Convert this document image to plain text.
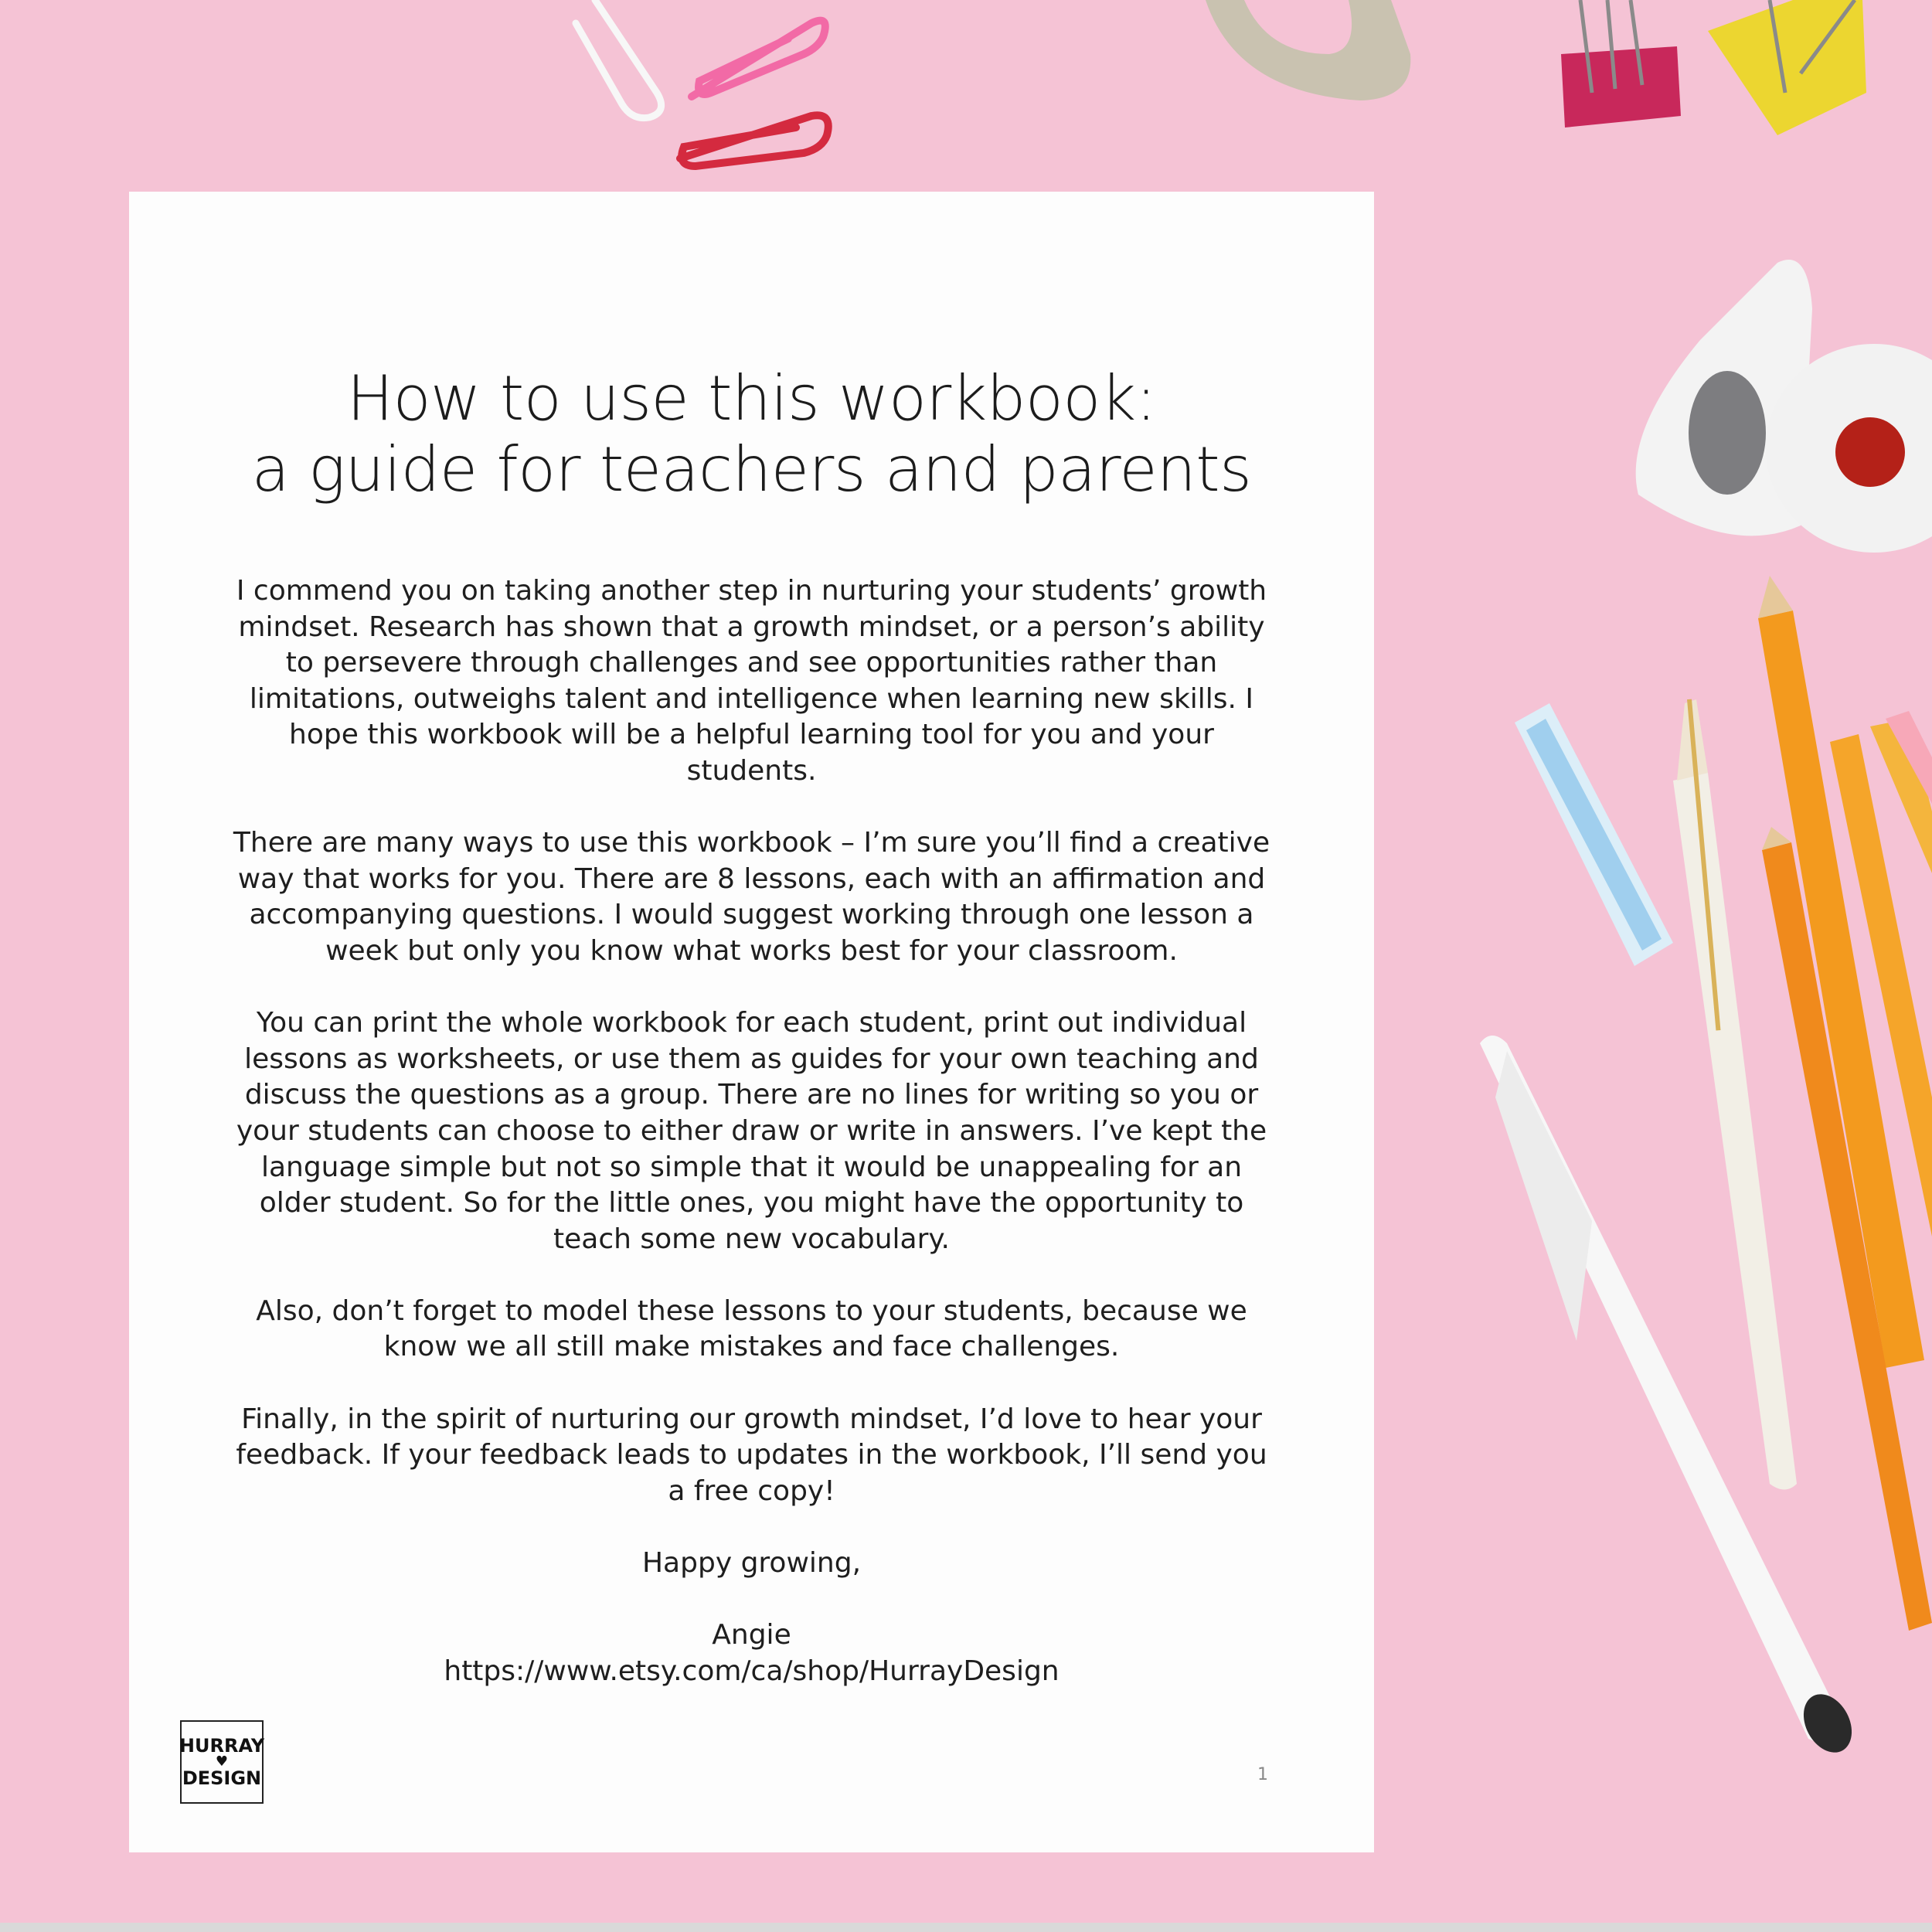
How to use this workbook:
a guide for teachers and parents

I commend you on taking another step in nurturing your students’ growth mindset. Research has shown that a growth mindset, or a person’s ability to persevere through challenges and see opportunities rather than limitations, outweighs talent and intelligence when learning new skills. I hope this workbook will be a helpful learning tool for you and your students.

There are many ways to use this workbook – I’m sure you’ll find a creative way that works for you. There are 8 lessons, each with an affirmation and accompanying questions. I would suggest working through one lesson a week but only you know what works best for your classroom.

You can print the whole workbook for each student, print out individual lessons as worksheets, or use them as guides for your own teaching and discuss the questions as a group. There are no lines for writing so you or your students can choose to either draw or write in answers. I’ve kept the language simple but not so simple that it would be unappealing for an older student. So for the little ones, you might have the opportunity to teach some new vocabulary.

Also, don’t forget to model these lessons to your students, because we know we all still make mistakes and face challenges.

Finally, in the spirit of nurturing our growth mindset, I’d love to hear your feedback. If your feedback leads to updates in the workbook, I’ll send you a free copy!

Happy growing,

Angie

https://www.etsy.com/ca/shop/HurrayDesign

HURRAY
♥
DESIGN	1
